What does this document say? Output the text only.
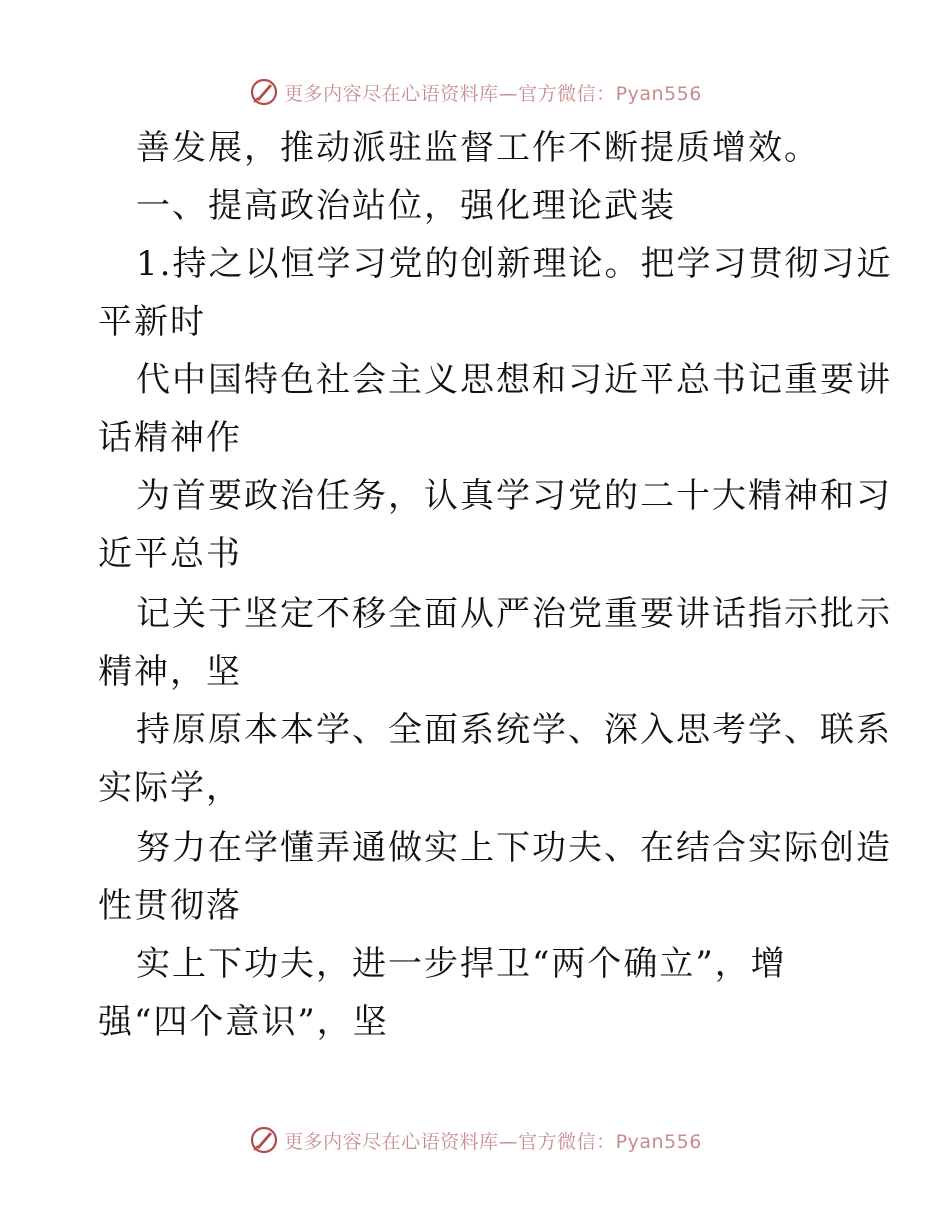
更多内容尽在心语资料库—官方微信：Pyan556
善发展，推动派驻监督工作不断提质增效。
一、提高政治站位，强化理论武装
1.持之以恒学习党的创新理论。把学习贯彻习近
平新时
代中国特色社会主义思想和习近平总书记重要讲
话精神作
为首要政治任务，认真学习党的二十大精神和习
近平总书
记关于坚定不移全面从严治党重要讲话指示批示
精神，坚
持原原本本学、全面系统学、深入思考学、联系
实际学，
努力在学懂弄通做实上下功夫、在结合实际创造
性贯彻落
实上下功夫，进一步捍卫“两个确立”，增
强“四个意识”，坚
更多内容尽在心语资料库—官方微信：Pyan556
